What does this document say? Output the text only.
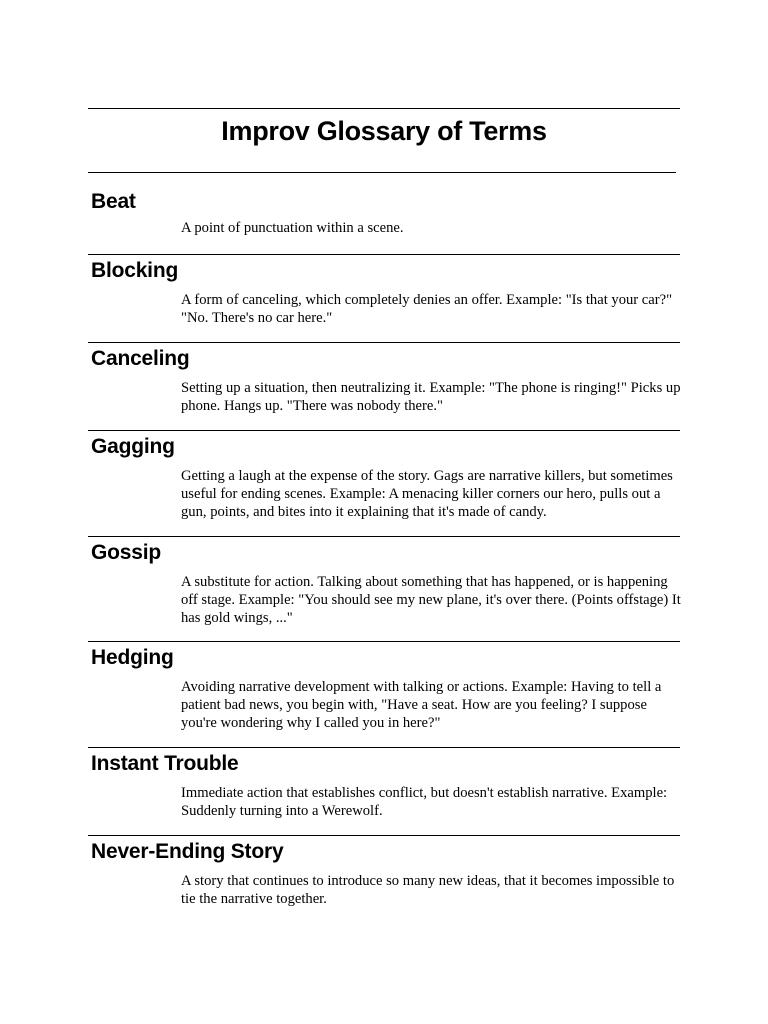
Improv Glossary of Terms
Beat

A point of punctuation within a scene.

Blocking

A form of canceling, which completely denies an offer. Example: "Is that your car?" "No. There's no car here."

Canceling

Setting up a situation, then neutralizing it. Example: "The phone is ringing!" Picks up phone. Hangs up. "There was nobody there."

Gagging

Getting a laugh at the expense of the story. Gags are narrative killers, but sometimes useful for ending scenes. Example: A menacing killer corners our hero, pulls out a gun, points, and bites into it explaining that it's made of candy.

Gossip

A substitute for action. Talking about something that has happened, or is happening off stage. Example: "You should see my new plane, it's over there. (Points offstage) It has gold wings, ..."

Hedging

Avoiding narrative development with talking or actions. Example: Having to tell a patient bad news, you begin with, "Have a seat. How are you feeling? I suppose you're wondering why I called you in here?"

Instant Trouble

Immediate action that establishes conflict, but doesn't establish narrative. Example: Suddenly turning into a Werewolf.

Never-Ending Story

A story that continues to introduce so many new ideas, that it becomes impossible to tie the narrative together.
